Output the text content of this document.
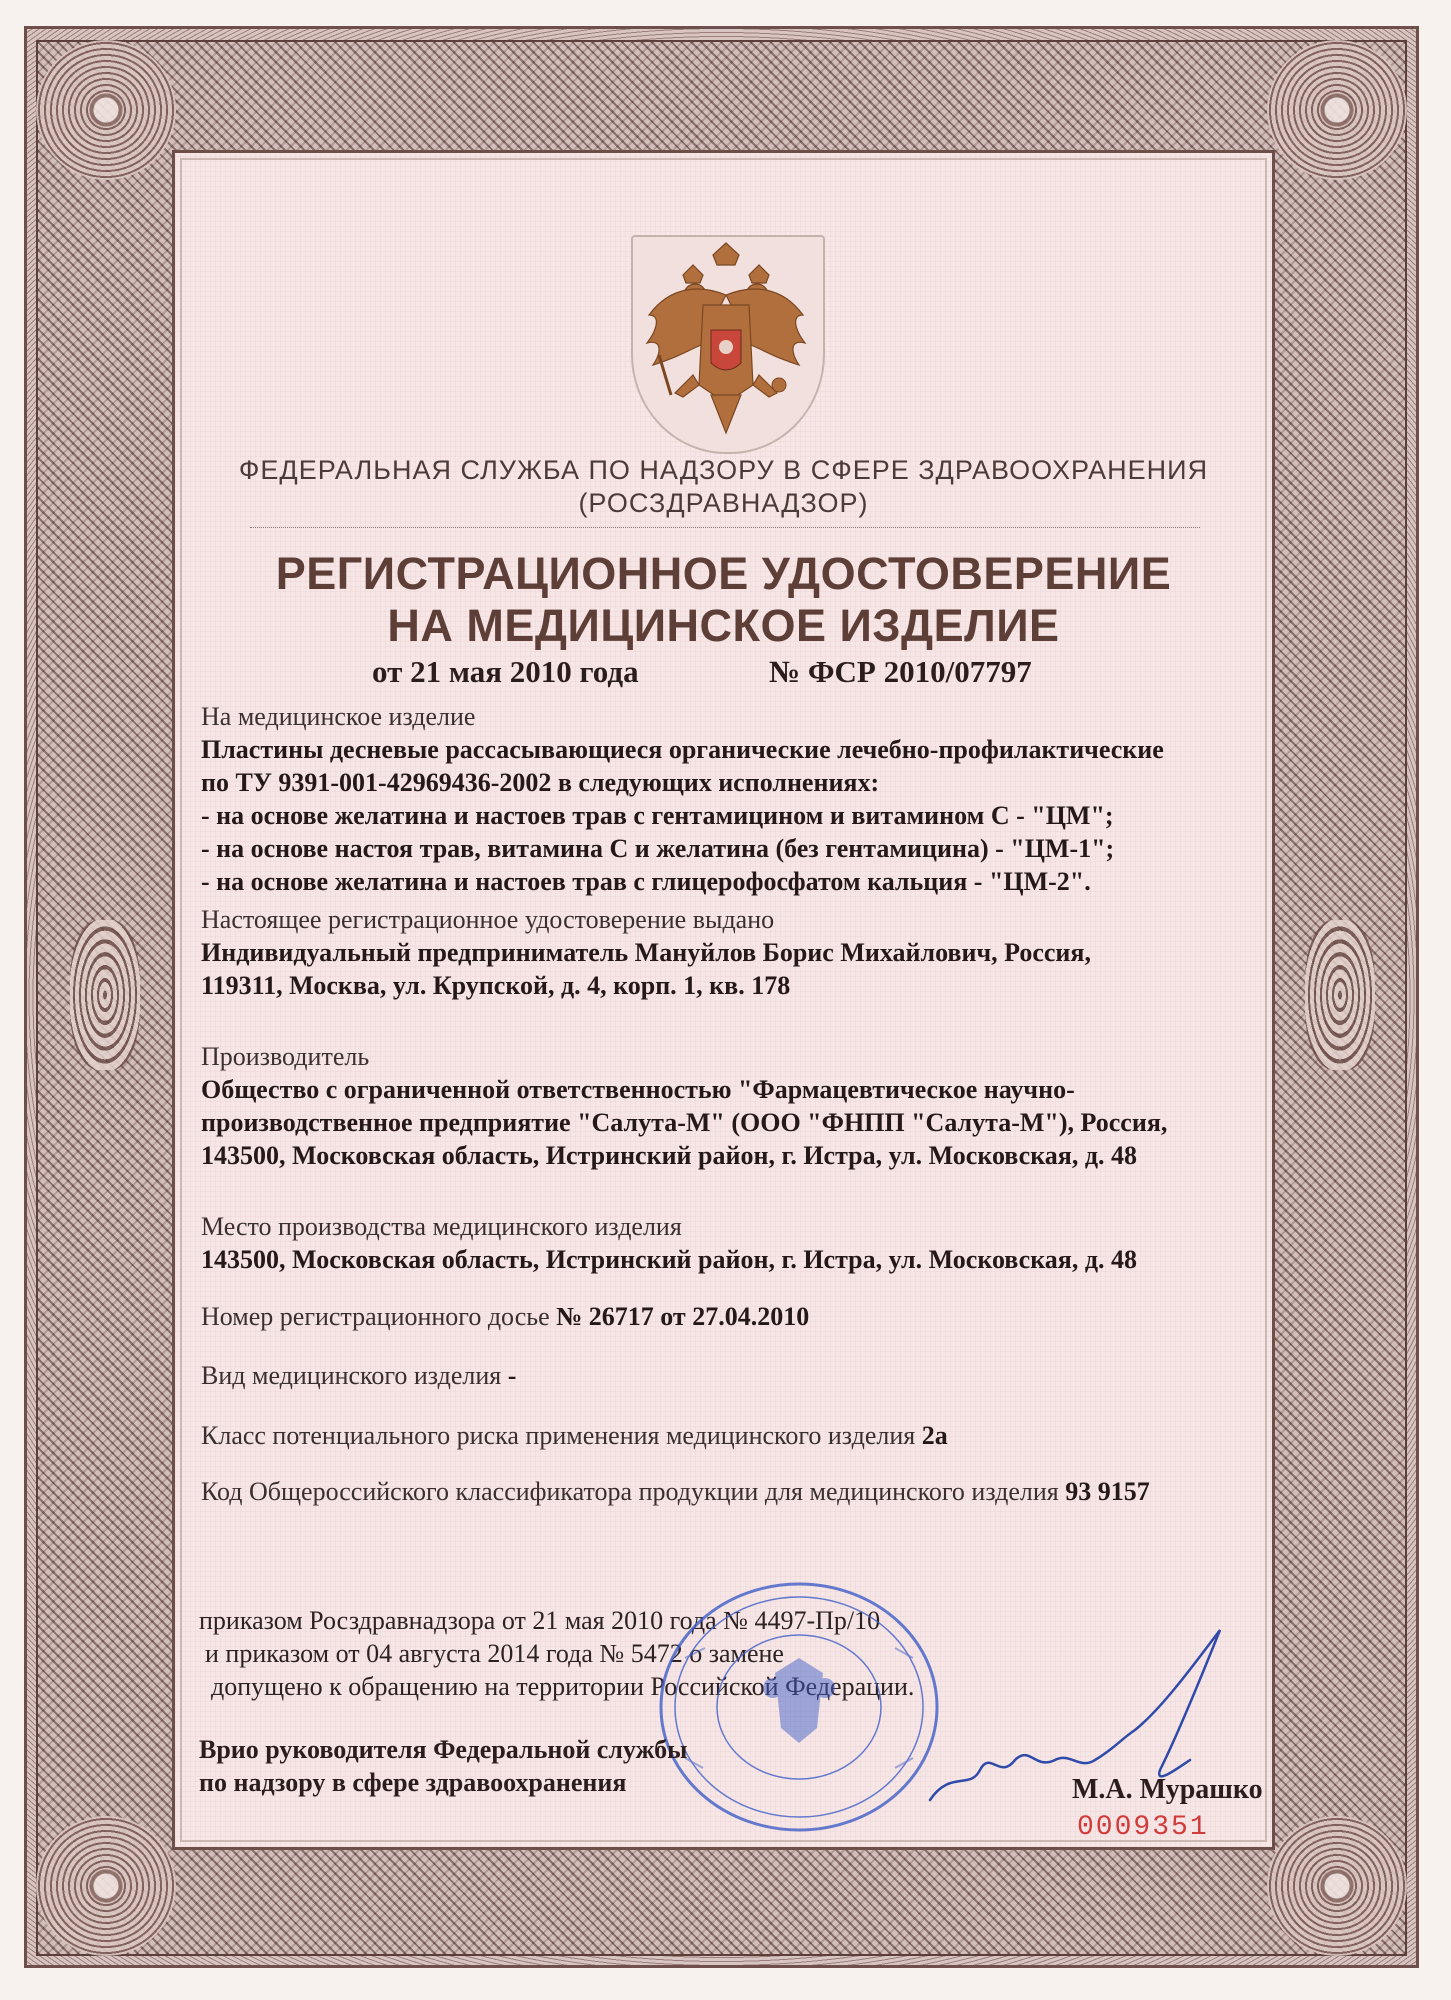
ФЕДЕРАЛЬНАЯ СЛУЖБА ПО НАДЗОРУ В СФЕРЕ ЗДРАВООХРАНЕНИЯ
(РОСЗДРАВНАДЗОР)
РЕГИСТРАЦИОННОЕ УДОСТОВЕРЕНИЕ
НА МЕДИЦИНСКОЕ ИЗДЕЛИЕ
от 21 мая 2010 года	№ ФСР 2010/07797
На медицинское изделие
Пластины десневые рассасывающиеся органические лечебно-профилактические
по ТУ 9391-001-42969436-2002 в следующих исполнениях:
- на основе желатина и настоев трав с гентамицином и витамином С - "ЦМ";
- на основе настоя трав, витамина С и желатина (без гентамицина) - "ЦМ-1";
- на основе желатина и настоев трав с глицерофосфатом кальция - "ЦМ-2".
Настоящее регистрационное удостоверение выдано
Индивидуальный предприниматель Мануйлов Борис Михайлович, Россия,
119311, Москва, ул. Крупской, д. 4, корп. 1, кв. 178
Производитель
Общество с ограниченной ответственностью "Фармацевтическое научно-
производственное предприятие "Салута-М" (ООО "ФНПП "Салута-М"), Россия,
143500, Московская область, Истринский район, г. Истра, ул. Московская, д. 48
Место производства медицинского изделия
143500, Московская область, Истринский район, г. Истра, ул. Московская, д. 48
Номер регистрационного досье № 26717 от 27.04.2010
Вид медицинского изделия -
Класс потенциального риска применения медицинского изделия 2а
Код Общероссийского классификатора продукции для медицинского изделия 93 9157
приказом Росздравнадзора от 21 мая 2010 года № 4497-Пр/10
и приказом от 04 августа 2014 года № 5472 о замене
допущено к обращению на территории Российской Федерации.
Врио руководителя Федеральной службы
по надзору в сфере здравоохранения	М.А. Мурашко
0009351
